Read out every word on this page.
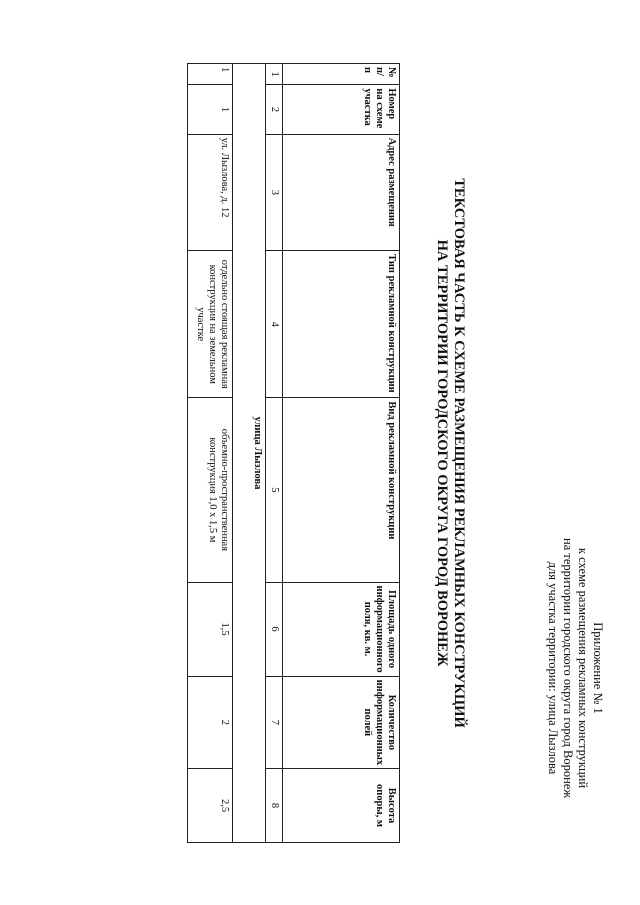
Приложение № 1
к схеме размещения рекламных конструкций
на территории городского округа город Воронеж
для участка территории: улица Лызлова
ТЕКСТОВАЯ ЧАСТЬ К СХЕМЕ РАЗМЕЩЕНИЯ РЕКЛАМНЫХ КОНСТРУКЦИЙ
НА ТЕРРИТОРИИ ГОРОДСКОГО ОКРУГА ГОРОД ВОРОНЕЖ
№ п/п	Номер на схеме участка	Адрес размещения	Тип рекламной конструкции	Вид рекламной конструкции	Площадь одного информационного поля, кв. м.	Количество информационных полей	Высота опоры, м
1	2	3	4	5	6	7	8
улица Лызлова							
1	1	ул. Лызлова, д. 12	отдельно стоящая рекламная конструкция на земельном участке	объемно-пространственная конструкция 1,0 х 1,5 м	1,5	2	2,5
